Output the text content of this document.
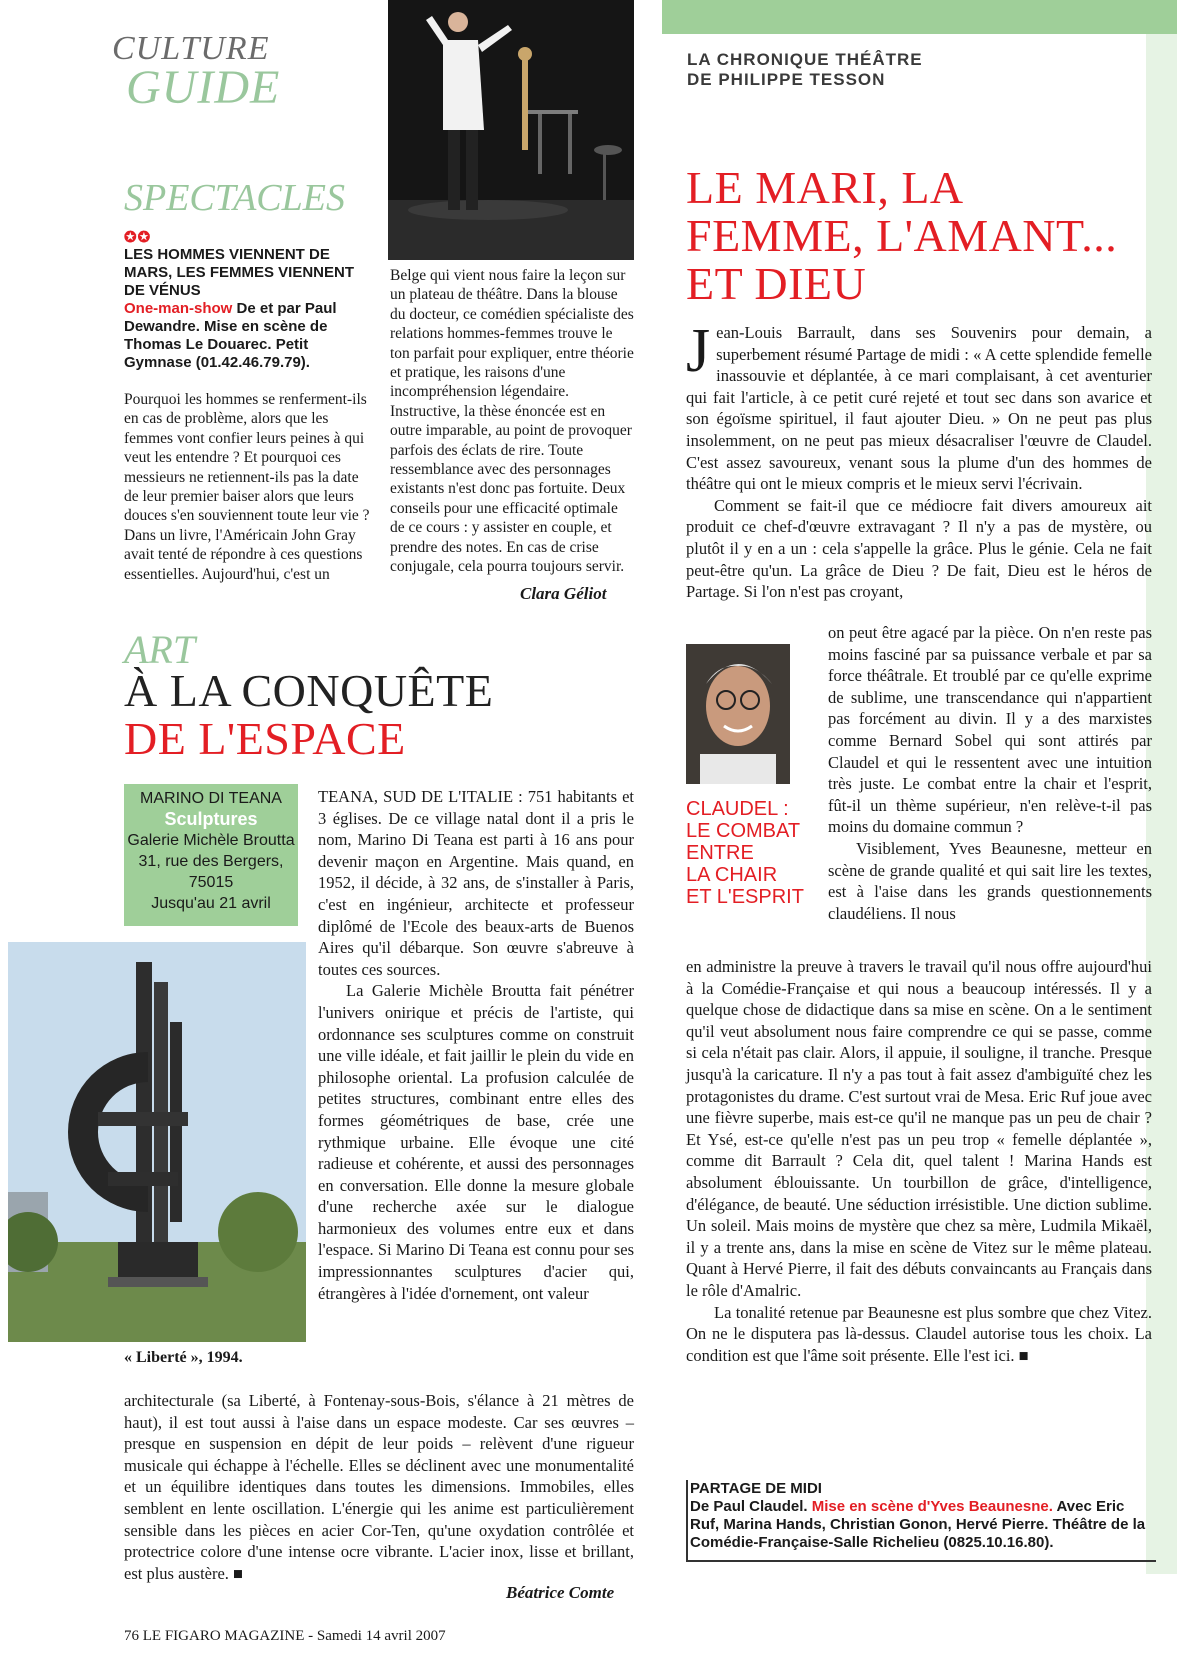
CULTURE
GUIDE
SPECTACLES
✪✪
LES HOMMES VIENNENT DE MARS, LES FEMMES VIENNENT DE VÉNUS
One-man-show De et par Paul Dewandre. Mise en scène de Thomas Le Douarec. Petit Gymnase (01.42.46.79.79).

Pourquoi les hommes se renferment-ils en cas de problème, alors que les femmes vont confier leurs peines à qui veut les entendre ? Et pourquoi ces messieurs ne retiennent-ils pas la date de leur premier baiser alors que leurs douces s'en souviennent toute leur vie ? Dans un livre, l'Américain John Gray avait tenté de répondre à ces questions essentielles. Aujourd'hui, c'est un

Belge qui vient nous faire la leçon sur un plateau de théâtre. Dans la blouse du docteur, ce comédien spécialiste des relations hommes-femmes trouve le ton parfait pour expliquer, entre théorie et pratique, les raisons d'une incompréhension légendaire. Instructive, la thèse énoncée est en outre imparable, au point de provoquer parfois des éclats de rire. Toute ressemblance avec des personnages existants n'est donc pas fortuite. Deux conseils pour une efficacité optimale de ce cours : y assister en couple, et prendre des notes. En cas de crise conjugale, cela pourra toujours servir.

Clara Géliot
ART
À LA CONQUÊTE
DE L'ESPACE
MARINO DI TEANA
Sculptures
Galerie Michèle Broutta
31, rue des Bergers,
75015
Jusqu'au 21 avril
« Liberté », 1994.

TEANA, SUD DE L'ITALIE : 751 habitants et 3 églises. De ce village natal dont il a pris le nom, Marino Di Teana est parti à 16 ans pour devenir maçon en Argentine. Mais quand, en 1952, il décide, à 32 ans, de s'installer à Paris, c'est en ingénieur, architecte et professeur diplômé de l'Ecole des beaux-arts de Buenos Aires qu'il débarque. Son œuvre s'abreuve à toutes ces sources.

La Galerie Michèle Broutta fait pénétrer l'univers onirique et précis de l'artiste, qui ordonnance ses sculptures comme on construit une ville idéale, et fait jaillir le plein du vide en philosophe oriental. La profusion calculée de petites structures, combinant entre elles des formes géométriques de base, crée une rythmique urbaine. Elle évoque une cité radieuse et cohérente, et aussi des personnages en conversation. Elle donne la mesure globale d'une recherche axée sur le dialogue harmonieux des volumes entre eux et dans l'espace. Si Marino Di Teana est connu pour ses impressionnantes sculptures d'acier qui, étrangères à l'idée d'ornement, ont valeur

architecturale (sa Liberté, à Fontenay-sous-Bois, s'élance à 21 mètres de haut), il est tout aussi à l'aise dans un espace modeste. Car ses œuvres – presque en suspension en dépit de leur poids – relèvent d'une rigueur musicale qui échappe à l'échelle. Elles se déclinent avec une monumentalité et un équilibre identiques dans toutes les dimensions. Immobiles, elles semblent en lente oscillation. L'énergie qui les anime est particulièrement sensible dans les pièces en acier Cor-Ten, qu'une oxydation contrôlée et protectrice colore d'une intense ocre vibrante. L'acier inox, lisse et brillant, est plus austère. ■

Béatrice Comte
76 LE FIGARO MAGAZINE - Samedi 14 avril 2007
LA CHRONIQUE THÉÂTRE
DE PHILIPPE TESSON
LE MARI, LA FEMME, L'AMANT... ET DIEU

Jean-Louis Barrault, dans ses Souvenirs pour demain, a superbement résumé Partage de midi : « A cette splendide femelle inassouvie et déplantée, à ce mari complaisant, à cet aventurier qui fait l'article, à ce petit curé rejeté et tout sec dans son avarice et son égoïsme spirituel, il faut ajouter Dieu. » On ne peut pas plus insolemment, on ne peut pas mieux désacraliser l'œuvre de Claudel. C'est assez savoureux, venant sous la plume d'un des hommes de théâtre qui ont le mieux compris et le mieux servi l'écrivain.

Comment se fait-il que ce médiocre fait divers amoureux ait produit ce chef-d'œuvre extravagant ? Il n'y a pas de mystère, ou plutôt il y en a un : cela s'appelle la grâce. Plus le génie. Cela ne fait peut-être qu'un. La grâce de Dieu ? De fait, Dieu est le héros de Partage. Si l'on n'est pas croyant,

CLAUDEL :
LE COMBAT
ENTRE
LA CHAIR
ET L'ESPRIT

on peut être agacé par la pièce. On n'en reste pas moins fasciné par sa puissance verbale et par sa force théâtrale. Et troublé par ce qu'elle exprime de sublime, une transcendance qui n'appartient pas forcément au divin. Il y a des marxistes comme Bernard Sobel qui sont attirés par Claudel et qui le ressentent avec une intuition très juste. Le combat entre la chair et l'esprit, fût-il un thème supérieur, n'en relève-t-il pas moins du domaine commun ?

Visiblement, Yves Beaunesne, metteur en scène de grande qualité et qui sait lire les textes, est à l'aise dans les grands questionnements claudéliens. Il nous

en administre la preuve à travers le travail qu'il nous offre aujourd'hui à la Comédie-Française et qui nous a beaucoup intéressés. Il y a quelque chose de didactique dans sa mise en scène. On a le sentiment qu'il veut absolument nous faire comprendre ce qui se passe, comme si cela n'était pas clair. Alors, il appuie, il souligne, il tranche. Presque jusqu'à la caricature. Il n'y a pas tout à fait assez d'ambiguïté chez les protagonistes du drame. C'est surtout vrai de Mesa. Eric Ruf joue avec une fièvre superbe, mais est-ce qu'il ne manque pas un peu de chair ? Et Ysé, est-ce qu'elle n'est pas un peu trop « femelle déplantée », comme dit Barrault ? Cela dit, quel talent ! Marina Hands est absolument éblouissante. Un tourbillon de grâce, d'intelligence, d'élégance, de beauté. Une séduction irrésistible. Une diction sublime. Un soleil. Mais moins de mystère que chez sa mère, Ludmila Mikaël, il y a trente ans, dans la mise en scène de Vitez sur le même plateau. Quant à Hervé Pierre, il fait des débuts convaincants au Français dans le rôle d'Amalric.

La tonalité retenue par Beaunesne est plus sombre que chez Vitez. On ne le disputera pas là-dessus. Claudel autorise tous les choix. La condition est que l'âme soit présente. Elle l'est ici. ■

PARTAGE DE MIDI
De Paul Claudel. Mise en scène d'Yves Beaunesne. Avec Eric Ruf, Marina Hands, Christian Gonon, Hervé Pierre. Théâtre de la Comédie-Française-Salle Richelieu (0825.10.16.80).
